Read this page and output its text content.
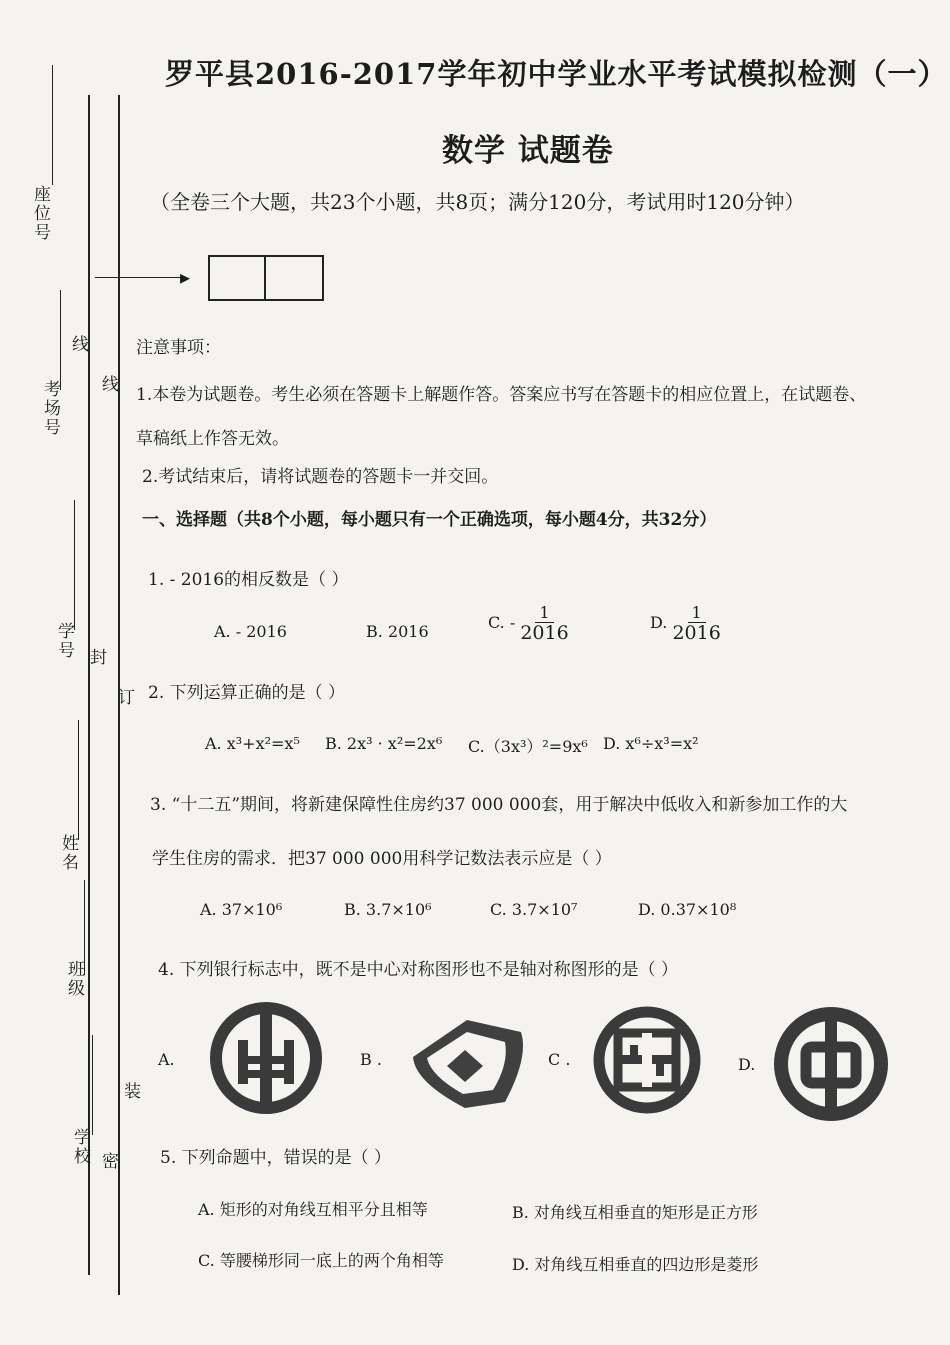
座位号
考场号
线
线
学号 封
订
姓名
班级
装
学校 密
罗平县2016-2017学年初中学业水平考试模拟检测（一）
数学 试题卷
（全卷三个大题，共23个小题，共8页；满分120分，考试用时120分钟）
▸
注意事项：
1.本卷为试题卷。考生必须在答题卡上解题作答。答案应书写在答题卡的相应位置上，在试题卷、
草稿纸上作答无效。
2.考试结束后，请将试题卷的答题卡一并交回。
一、选择题（共8个小题，每小题只有一个正确选项，每小题4分，共32分）
1. - 2016的相反数是（ ）
A. - 2016	B. 2016	C. - $\frac{1}{2016}$	D. $\frac{1}{2016}$
2. 下列运算正确的是（ ）
A. x³+x²=x⁵ B. 2x³ · x²=2x⁶ C.（3x³）²=9x⁶ D. x⁶÷x³=x²
3. “十二五”期间，将新建保障性住房约37 000 000套，用于解决中低收入和新参加工作的大
学生住房的需求．把37 000 000用科学记数法表示应是（ ）
A. 37×10⁶	B. 3.7×10⁶	C. 3.7×10⁷	D. 0.37×10⁸
4. 下列银行标志中，既不是中心对称图形也不是轴对称图形的是（ ）
A.	B .	C .	D.
5. 下列命题中，错误的是（ ）
A. 矩形的对角线互相平分且相等	B. 对角线互相垂直的矩形是正方形
C. 等腰梯形同一底上的两个角相等	D. 对角线互相垂直的四边形是菱形
